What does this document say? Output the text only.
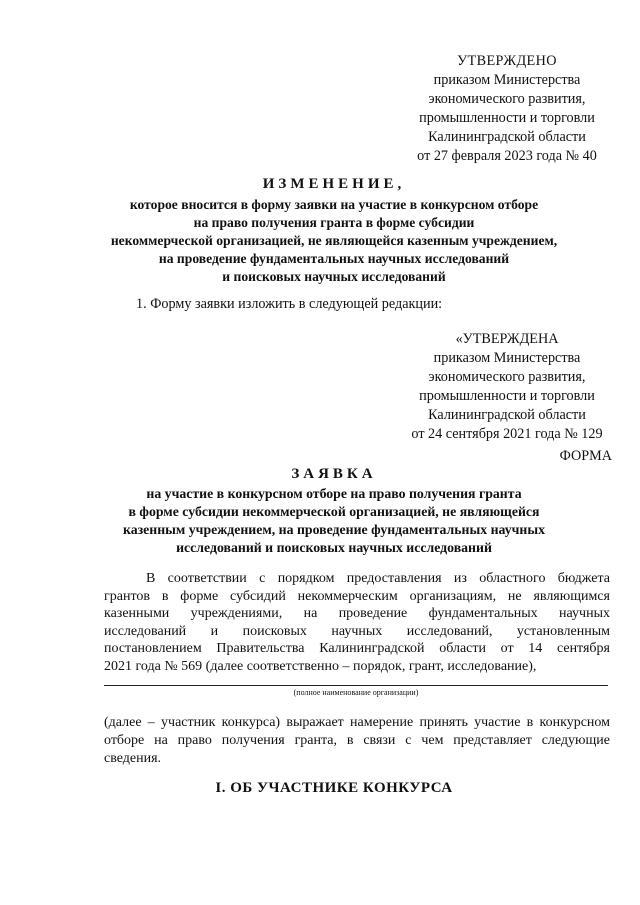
УТВЕРЖДЕНО
приказом Министерства
экономического развития,
промышленности и торговли
Калининградской области
от 27 февраля 2023 года № 40
ИЗМЕНЕНИЕ,
которое вносится в форму заявки на участие в конкурсном отборе
на право получения гранта в форме субсидии
некоммерческой организацией, не являющейся казенным учреждением,
на проведение фундаментальных научных исследований
и поисковых научных исследований
1. Форму заявки изложить в следующей редакции:
«УТВЕРЖДЕНА
приказом Министерства
экономического развития,
промышленности и торговли
Калининградской области
от 24 сентября 2021 года № 129
ФОРМА
ЗАЯВКА
на участие в конкурсном отборе на право получения гранта
в форме субсидии некоммерческой организацией, не являющейся
казенным учреждением, на проведение фундаментальных научных
исследований и поисковых научных исследований
В соответствии с порядком предоставления из областного бюджета
грантов в форме субсидий некоммерческим организациям, не являющимся
казенными учреждениями, на проведение фундаментальных научных
исследований и поисковых научных исследований, установленным
постановлением Правительства Калининградской области от 14 сентября
2021 года № 569 (далее соответственно – порядок, грант, исследование),
(полное наименование организации)
(далее – участник конкурса) выражает намерение принять участие в конкурсном
отборе на право получения гранта, в связи с чем представляет следующие
сведения.
I. ОБ УЧАСТНИКЕ КОНКУРСА
